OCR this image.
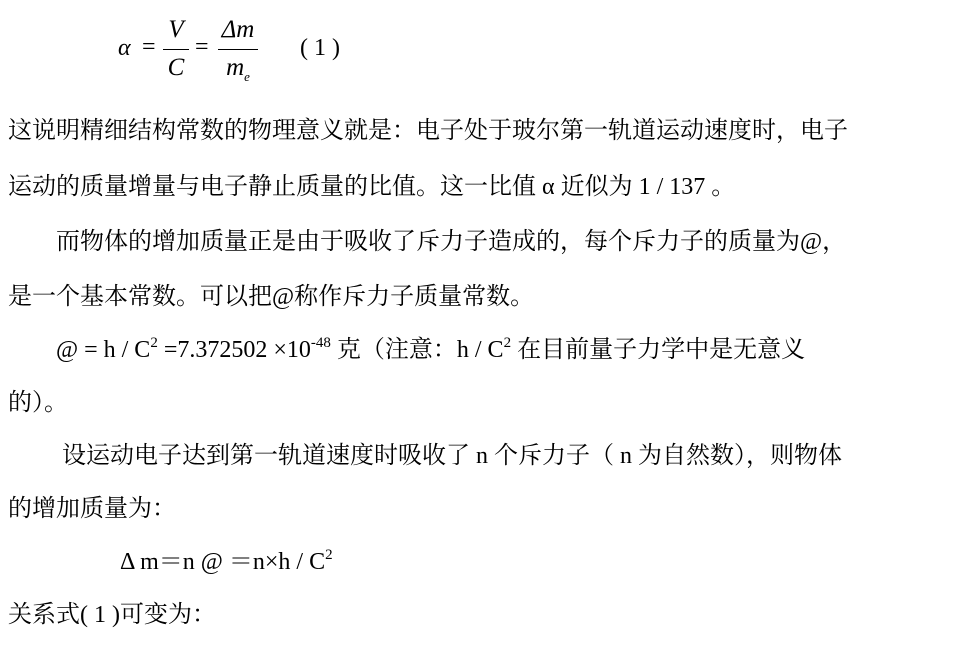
α =
V
C
=
Δm
$m_e$
( 1 )
这说明精细结构常数的物理意义就是：电子处于玻尔第一轨道运动速度时，电子
运动的质量增量与电子静止质量的比值。这一比值 α 近似为 1 / 137 。
而物体的增加质量正是由于吸收了斥力子造成的，每个斥力子的质量为@，
是一个基本常数。可以把@称作斥力子质量常数。
@ = $h / C^2 =7.372502 \times 10^{-48}$ 克（注意：h / $C^2$ 在目前量子力学中是无意义
的）。
设运动电子达到第一轨道速度时吸收了 n 个斥力子（ n 为自然数），则物体
的增加质量为：
Δ m＝n @ $=n\times h / C^2$
关系式( 1 )可变为：
